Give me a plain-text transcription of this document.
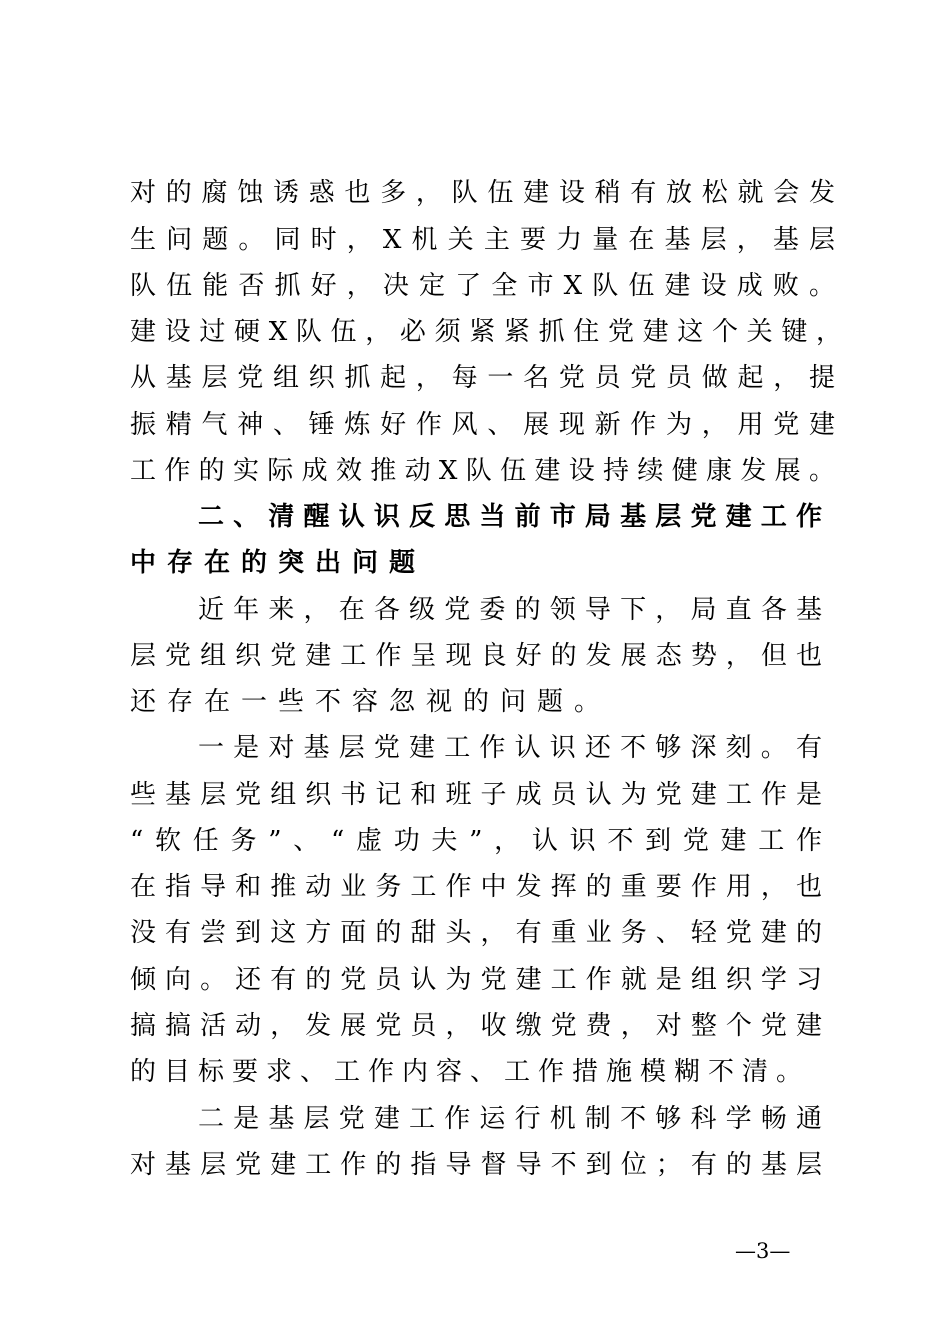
对的腐蚀诱惑也多，队伍建设稍有放松就会发
生问题。同时，X机关主要力量在基层，基层
队伍能否抓好，决定了全市X队伍建设成败。
建设过硬X队伍，必须紧紧抓住党建这个关键，
从基层党组织抓起，每一名党员党员做起，提
振精气神、锤炼好作风、展现新作为，用党建
工作的实际成效推动X队伍建设持续健康发展。
二、清醒认识反思当前市局基层党建工作
中存在的突出问题
近年来，在各级党委的领导下，局直各基
层党组织党建工作呈现良好的发展态势，但也
还存在一些不容忽视的问题。
一是对基层党建工作认识还不够深刻。有
些基层党组织书记和班子成员认为党建工作是
“软任务”、“虚功夫”，认识不到党建工作
在指导和推动业务工作中发挥的重要作用，也
没有尝到这方面的甜头，有重业务、轻党建的
倾向。还有的党员认为党建工作就是组织学习
搞搞活动，发展党员，收缴党费，对整个党建
的目标要求、工作内容、工作措施模糊不清。
二是基层党建工作运行机制不够科学畅通
对基层党建工作的指导督导不到位；有的基层
—3—
